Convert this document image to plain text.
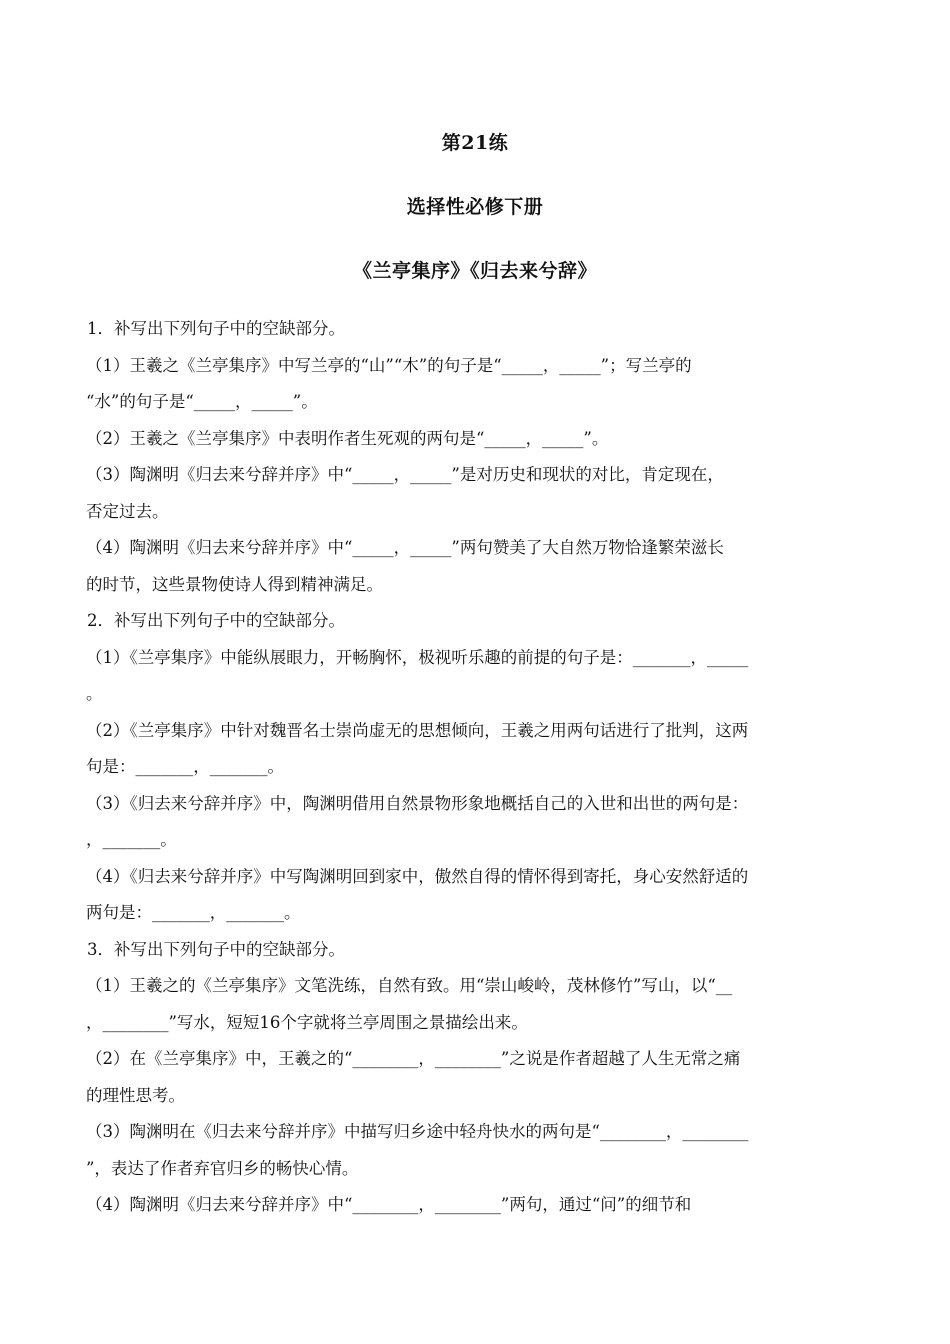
第21练
选择性必修下册
《兰亭集序》《归去来兮辞》
1．补写出下列句子中的空缺部分。
（1）王羲之《兰亭集序》中写兰亭的“山”“木”的句子是“_____，_____”；写兰亭的
“水”的句子是“_____，_____”。
（2）王羲之《兰亭集序》中表明作者生死观的两句是“_____，_____”。
（3）陶渊明《归去来兮辞并序》中“_____，_____”是对历史和现状的对比，肯定现在，
否定过去。
（4）陶渊明《归去来兮辞并序》中“_____，_____”两句赞美了大自然万物恰逢繁荣滋长
的时节，这些景物使诗人得到精神满足。
2．补写出下列句子中的空缺部分。
（1）《兰亭集序》中能纵展眼力，开畅胸怀，极视听乐趣的前提的句子是：_______，_____
。
（2）《兰亭集序》中针对魏晋名士崇尚虚无的思想倾向，王羲之用两句话进行了批判，这两
句是：_______，_______。
（3）《归去来兮辞并序》中，陶渊明借用自然景物形象地概括自己的入世和出世的两句是：
，_______。
（4）《归去来兮辞并序》中写陶渊明回到家中，傲然自得的情怀得到寄托，身心安然舒适的
两句是：_______，_______。
3．补写出下列句子中的空缺部分。
（1）王羲之的《兰亭集序》文笔洗练，自然有致。用“崇山峻岭，茂林修竹”写山，以“__
，________”写水，短短16个字就将兰亭周围之景描绘出来。
（2）在《兰亭集序》中，王羲之的“________，________”之说是作者超越了人生无常之痛
的理性思考。
（3）陶渊明在《归去来兮辞并序》中描写归乡途中轻舟快水的两句是“________，________
”，表达了作者弃官归乡的畅快心情。
（4）陶渊明《归去来兮辞并序》中“________，________”两句，通过“问”的细节和
